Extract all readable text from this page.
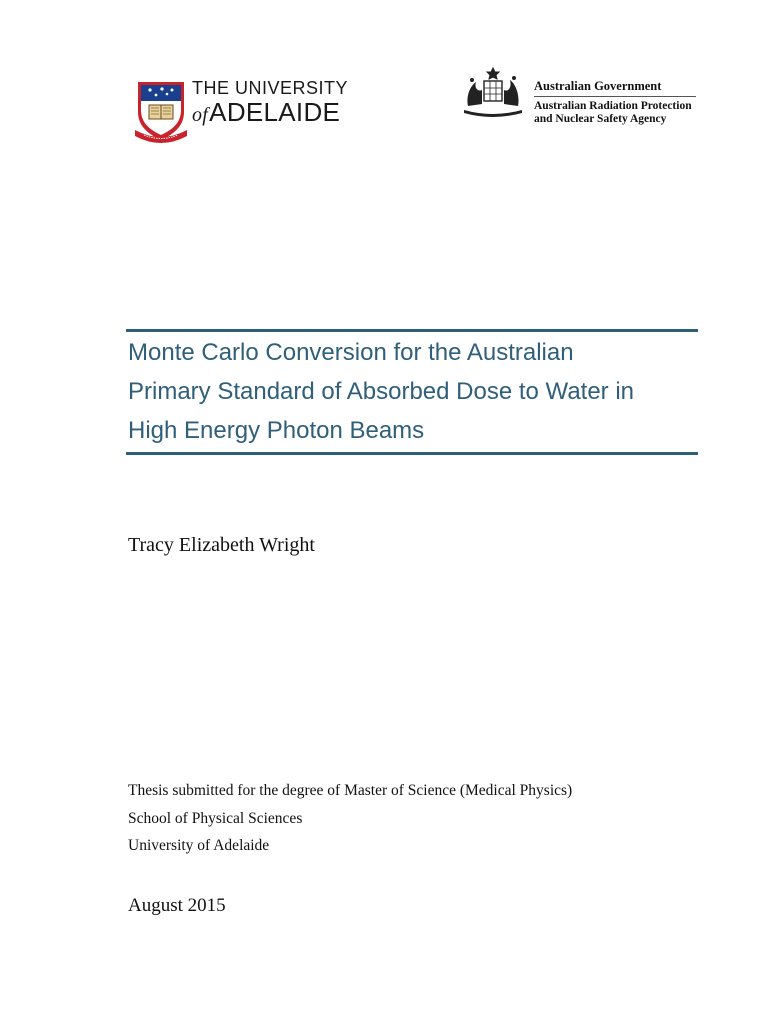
THE UNIVERSITY
ofADELAIDE
Australian Government
Australian Radiation Protection
and Nuclear Safety Agency
Monte Carlo Conversion for the Australian
Primary Standard of Absorbed Dose to Water in
High Energy Photon Beams
Tracy Elizabeth Wright
Thesis submitted for the degree of Master of Science (Medical Physics)
School of Physical Sciences
University of Adelaide
August 2015
